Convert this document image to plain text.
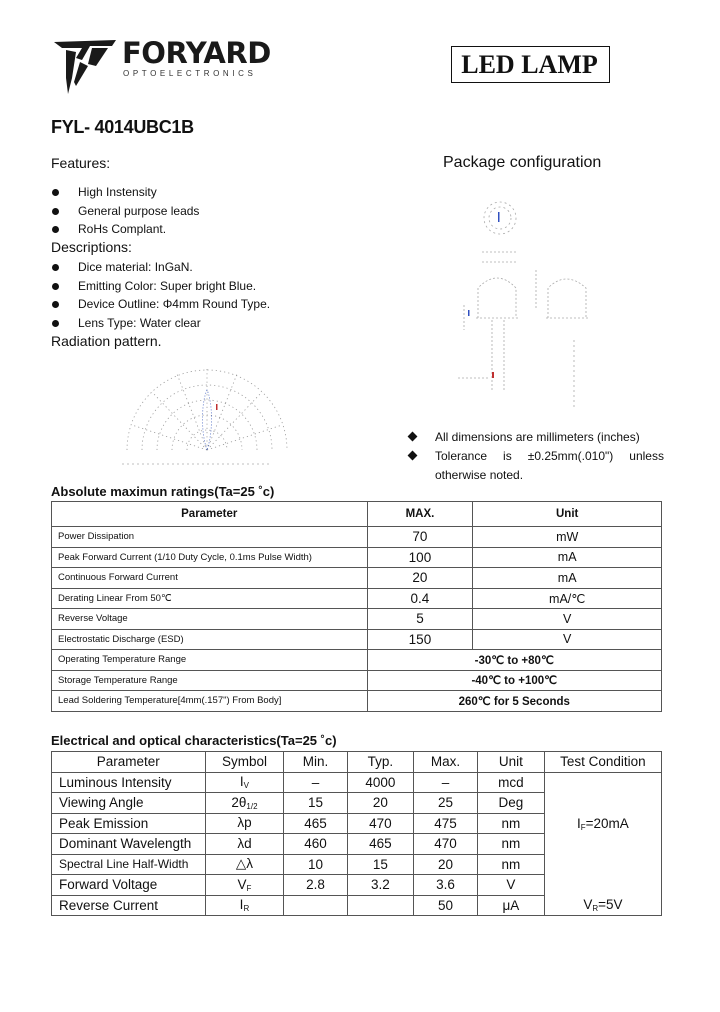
FORYARD
OPTOELECTRONICS	LED LAMP
FYL- 4014UBC1B
Features:
High Instensity
General purpose leads
RoHs Complant.
Descriptions:
Dice material: InGaN.
Emitting Color: Super bright Blue.
Device Outline: Φ4mm Round Type.
Lens Type: Water clear
Radiation pattern.
Package configuration
All dimensions are millimeters (inches)
Tolerance is ±0.25mm(.010") unless
otherwise noted.
Absolute maximun ratings(Ta=25 ˚c)
Parameter	MAX.	Unit
Power Dissipation	70	mW
Peak Forward Current (1/10 Duty Cycle, 0.1ms Pulse Width)	100	mA
Continuous Forward Current	20	mA
Derating Linear From 50℃	0.4	mA/℃
Reverse Voltage	5	V
Electrostatic Discharge (ESD)	150	V
Operating Temperature Range	-30℃ to +80℃	
Storage Temperature Range	-40℃ to +100℃	
Lead Soldering Temperature[4mm(.157") From Body]	260℃ for 5 Seconds	
Electrical and optical characteristics(Ta=25 ˚c)
Parameter	Symbol	Min.	Typ.	Max.	Unit	Test Condition
Luminous Intensity	$I_V$	–	4000	–	mcd	$I_F=20mA$
Viewing Angle	$2\theta_{1/2}$	15	20	25	Deg	
Peak Emission	λp	465	470	475	nm	
Dominant Wavelength	λd	460	465	470	nm	
Spectral Line Half-Width	△λ	10	15	20	nm	
Forward Voltage	$V_F$	2.8	3.2	3.6	V	
Reverse Current	$I_R$			50	μA	$V_R=5V$
